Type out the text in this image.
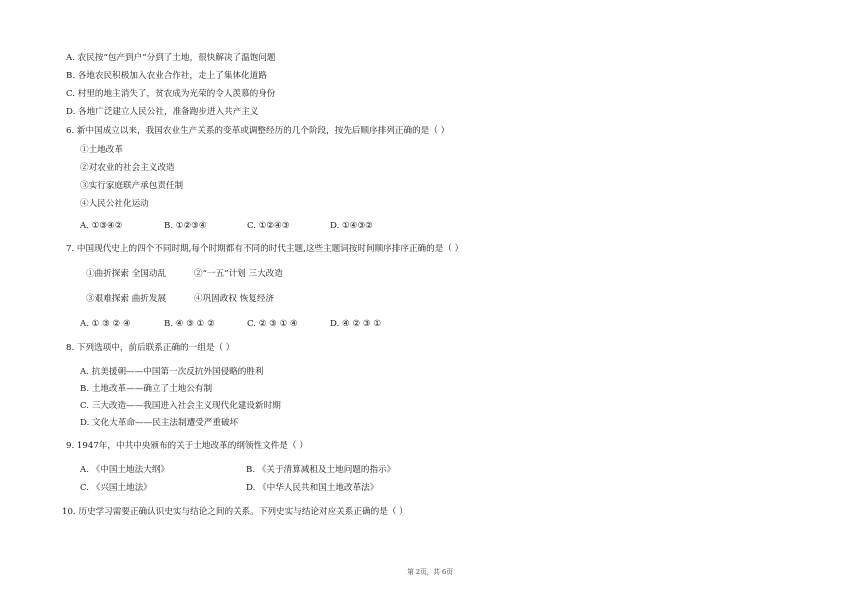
A. 农民按“包产到户”分到了土地，很快解决了温饱问题
B. 各地农民积极加入农业合作社，走上了集体化道路
C. 村里的地主消失了，贫农成为光荣的令人羡慕的身份
D. 各地广泛建立人民公社，准备跑步进入共产主义
6. 新中国成立以来，我国农业生产关系的变革或调整经历的几个阶段，按先后顺序排列正确的是（ ）
①土地改革
②对农业的社会主义改造
③实行家庭联产承包责任制
④人民公社化运动
A. ①③④②	B. ①②③④	C. ①②④③	D. ①④③②
7. 中国现代史上的四个不同时期,每个时期都有不同的时代主题,这些主题词按时间顺序排序正确的是（ ）
①曲折探索 全国动乱	②“一五”计划 三大改造
③艰难探索 曲折发展	④巩固政权 恢复经济
A. ① ③ ② ④	B. ④ ③ ① ②	C. ② ③ ① ④	D. ④ ② ③ ①
8. 下列选项中，前后联系正确的一组是（ ）
A. 抗美援朝——中国第一次反抗外国侵略的胜利
B. 土地改革——确立了土地公有制
C. 三大改造——我国进入社会主义现代化建设新时期
D. 文化大革命——民主法制遭受严重破坏
9. 1947年，中共中央颁布的关于土地改革的纲领性文件是（ ）
A. 《中国土地法大纲》	B. 《关于清算减租及土地问题的指示》
C. 《兴国土地法》	D. 《中华人民共和国土地改革法》
10. 历史学习需要正确认识史实与结论之间的关系。下列史实与结论对应关系正确的是（ ）
第 2页，共 6页
